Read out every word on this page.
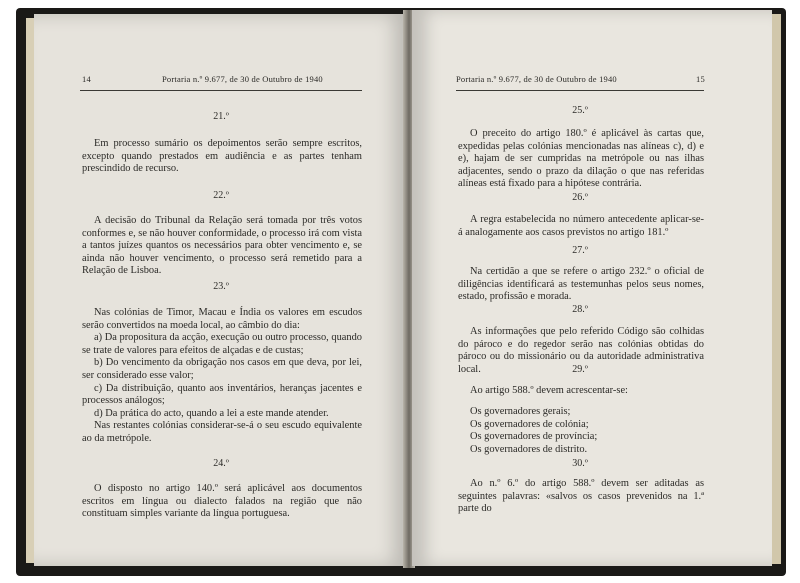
14	Portaria n.º 9.677, de 30 de Outubro de 1940
21.º

Em processo sumário os depoimentos serão sempre escritos, excepto quando prestados em audiência e as partes tenham prescindido de recurso.

22.º

A decisão do Tribunal da Relação será tomada por três votos conformes e, se não houver conformidade, o processo irá com vista a tantos juízes quantos os necessários para obter vencimento e, se ainda não houver vencimento, o processo será remetido para a Relação de Lisboa.

23.º

Nas colónias de Timor, Macau e Índia os valores em escudos serão convertidos na moeda local, ao câmbio do dia:

a) Da propositura da acção, execução ou outro processo, quando se trate de valores para efeitos de alçadas e de custas;

b) Do vencimento da obrigação nos casos em que deva, por lei, ser considerado esse valor;

c) Da distribuição, quanto aos inventários, heranças jacentes e processos análogos;

d) Da prática do acto, quando a lei a este mande atender.

Nas restantes colónias considerar-se-á o seu escudo equivalente ao da metrópole.

24.º

O disposto no artigo 140.º será aplicável aos documentos escritos em língua ou dialecto falados na região que não constituam simples variante da língua portuguesa.

Portaria n.º 9.677, de 30 de Outubro de 1940	15
25.º

O preceito do artigo 180.º é aplicável às cartas que, expedidas pelas colónias mencionadas nas alíneas c), d) e e), hajam de ser cumpridas na metrópole ou nas ilhas adjacentes, sendo o prazo da dilação o que nas referidas alíneas está fixado para a hipótese contrária.

26.º

A regra estabelecida no número antecedente aplicar-se-á analogamente aos casos previstos no artigo 181.º

27.º

Na certidão a que se refere o artigo 232.º o oficial de diligências identificará as testemunhas pelos seus nomes, estado, profissão e morada.

28.º

As informações que pelo referido Código são colhidas do pároco e do regedor serão nas colónias obtidas do pároco ou do missionário ou da autoridade administrativa local.	29.º

Ao artigo 588.º devem acrescentar-se:

Os governadores gerais;
Os governadores de colónia;
Os governadores de província;
Os governadores de distrito.
30.º

Ao n.º 6.º do artigo 588.º devem ser aditadas as seguintes palavras: «salvos os casos prevenidos na 1.ª parte do
